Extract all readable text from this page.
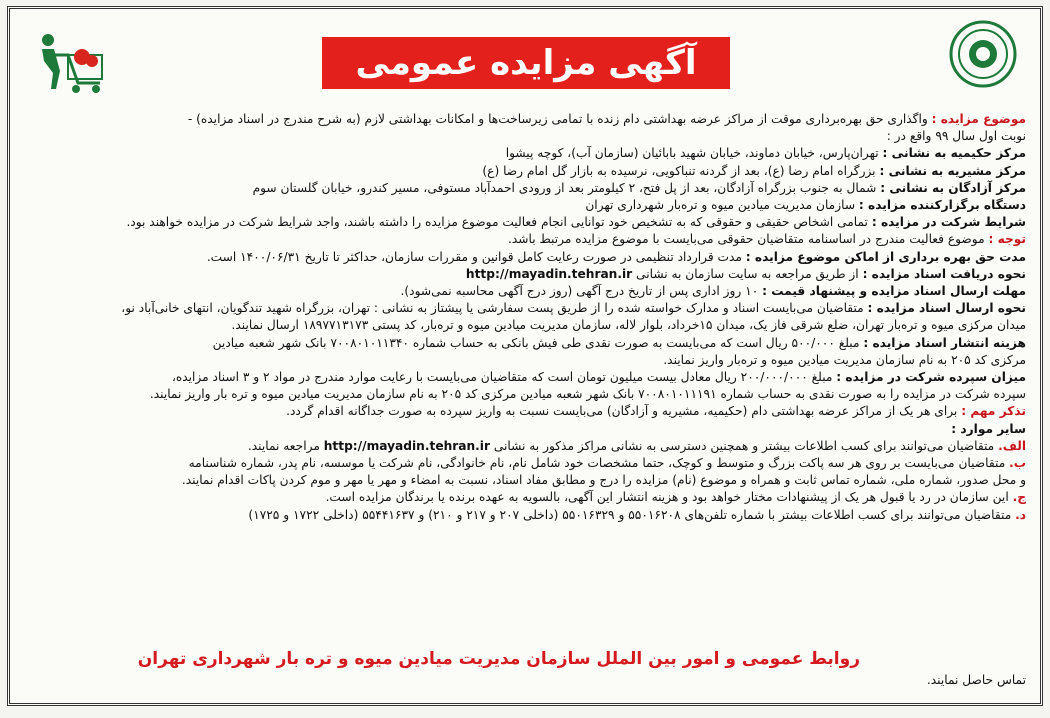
آگهی مزایده عمومی

موضوع مزایده : واگذاری حق بهره‌برداری موقت از مراکز عرضه بهداشتی دام زنده با تمامی زیرساخت‌ها و امکانات بهداشتی لازم (به شرح مندرج در اسناد مزایده) -

نوبت اول سال ۹۹ واقع در :

مرکز حکیمیه به نشانی : تهران‌پارس، خیابان دماوند، خیابان شهید بابائیان (سازمان آب)، کوچه پیشوا

مرکز مشیریه به نشانی : بزرگراه امام رضا (ع)، بعد از گردنه تنباکویی، نرسیده به بازار گل امام رضا (ع)

مرکز آزادگان به نشانی : شمال به جنوب بزرگراه آزادگان، بعد از پل فتح، ۲ کیلومتر بعد از ورودی احمدآباد مستوفی، مسیر کندرو، خیابان گلستان سوم

دستگاه برگزارکننده مزایده : سازمان مدیریت میادین میوه و تره‌بار شهرداری تهران

شرایط شرکت در مزایده : تمامی اشخاص حقیقی و حقوقی که به تشخیص خود توانایی انجام فعالیت موضوع مزایده را داشته باشند، واجد شرایط شرکت در مزایده خواهند بود.

توجه : موضوع فعالیت مندرج در اساسنامه متقاضیان حقوقی می‌بایست با موضوع مزایده مرتبط باشد.

مدت حق بهره برداری از اماکن موضوع مزایده : مدت قرارداد تنظیمی در صورت رعایت کامل قوانین و مقررات سازمان، حداکثر تا تاریخ ۱۴۰۰/۰۶/۳۱ است.

نحوه دریافت اسناد مزایده : از طریق مراجعه به سایت سازمان به نشانی http://mayadin.tehran.ir

مهلت ارسال اسناد مزایده و پیشنهاد قیمت : ۱۰ روز اداری پس از تاریخ درج آگهی (روز درج آگهی محاسبه نمی‌شود).

نحوه ارسال اسناد مزایده : متقاضیان می‌بایست اسناد و مدارک خواسته شده را از طریق پست سفارشی یا پیشتاز به نشانی : تهران، بزرگراه شهید تندگویان، انتهای خانی‌آباد نو،

میدان مرکزی میوه و تره‌بار تهران، ضلع شرقی فاز یک، میدان ۱۵خرداد، بلوار لاله، سازمان مدیریت میادین میوه و تره‌بار، کد پستی ۱۸۹۷۷۱۳۱۷۳ ارسال نمایند.

هزینه انتشار اسناد مزایده : مبلغ ۵۰۰/۰۰۰ ریال است که می‌بایست به صورت نقدی طی فیش بانکی به حساب شماره ۷۰۰۸۰۱۰۱۱۳۴۰ بانک شهر شعبه میادین

مرکزی کد ۲۰۵ به نام سازمان مدیریت میادین میوه و تره‌بار واریز نمایند.

میزان سپرده شرکت در مزایده : مبلغ ۲۰۰/۰۰۰/۰۰۰ ریال معادل بیست میلیون تومان است که متقاضیان می‌بایست با رعایت موارد مندرج در مواد ۲ و ۳ اسناد مزایده،

سپرده شرکت در مزایده را به صورت نقدی به حساب شماره ۷۰۰۸۰۱۰۱۱۱۹۱ بانک شهر شعبه میادین مرکزی کد ۲۰۵ به نام سازمان مدیریت میادین میوه و تره بار واریز نمایند.

تذکر مهم : برای هر یک از مراکز عرضه بهداشتی دام (حکیمیه، مشیریه و آزادگان) می‌بایست نسبت به واریز سپرده به صورت جداگانه اقدام گردد.

سایر موارد :

الف. متقاضیان می‌توانند برای کسب اطلاعات بیشتر و همچنین دسترسی به نشانی مراکز مذکور به نشانی http://mayadin.tehran.ir مراجعه نمایند.

ب. متقاضیان می‌بایست بر روی هر سه پاکت بزرگ و متوسط و کوچک، حتما مشخصات خود شامل نام، نام خانوادگی، نام شرکت یا موسسه، نام پدر، شماره شناسنامه

و محل صدور، شماره ملی، شماره تماس ثابت و همراه و موضوع (نام) مزایده را درج و مطابق مفاد اسناد، نسبت به امضاء و مهر یا مهر و موم کردن پاکات اقدام نمایند.

ج. این سازمان در رد یا قبول هر یک از پیشنهادات مختار خواهد بود و هزینه انتشار این آگهی، بالسویه به عهده برنده یا برندگان مزایده است.

د. متقاضیان می‌توانند برای کسب اطلاعات بیشتر با شماره تلفن‌های ۵۵۰۱۶۲۰۸ و ۵۵۰۱۶۳۲۹ (داخلی ۲۰۷ و ۲۱۷ و ۲۱۰) و ۵۵۴۴۱۶۳۷ (داخلی ۱۷۲۲ و ۱۷۲۵)

روابط عمومی و امور بین الملل سازمان مدیریت میادین میوه و تره بار شهرداری تهران
تماس حاصل نمایند.
